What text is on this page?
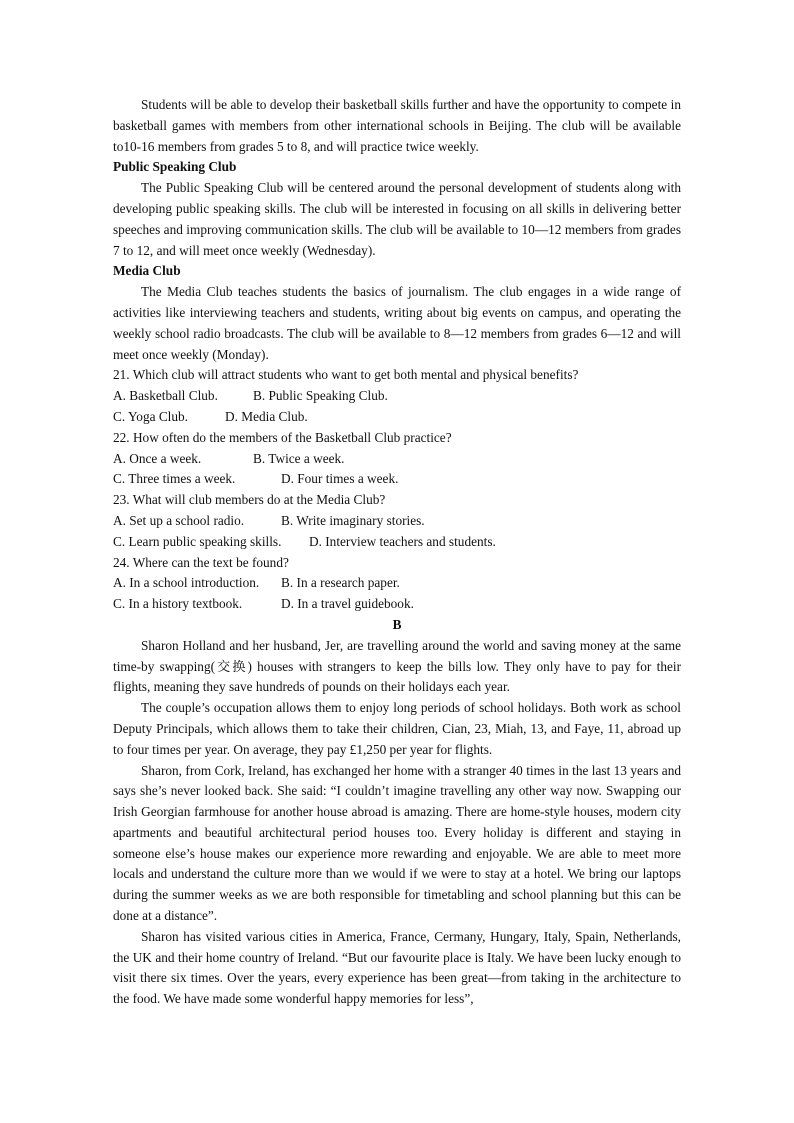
Students will be able to develop their basketball skills further and have the opportunity to compete in basketball games with members from other international schools in Beijing. The club will be available to10-16 members from grades 5 to 8, and will practice twice weekly.

Public Speaking Club

The Public Speaking Club will be centered around the personal development of students along with developing public speaking skills. The club will be interested in focusing on all skills in delivering better speeches and improving communication skills. The club will be available to 10—12 members from grades 7 to 12, and will meet once weekly (Wednesday).

Media Club

The Media Club teaches students the basics of journalism. The club engages in a wide range of activities like interviewing teachers and students, writing about big events on campus, and operating the weekly school radio broadcasts. The club will be available to 8—12 members from grades 6—12 and will meet once weekly (Monday).

21. Which club will attract students who want to get both mental and physical benefits?

A. Basketball Club.	B. Public Speaking Club.
C. Yoga Club.	D. Media Club.

22. How often do the members of the Basketball Club practice?

A. Once a week.	B. Twice a week.
C. Three times a week.	D. Four times a week.

23. What will club members do at the Media Club?

A. Set up a school radio.	B. Write imaginary stories.
C. Learn public speaking skills.	D. Interview teachers and students.

24. Where can the text be found?

A. In a school introduction.	B. In a research paper.
C. In a history textbook.	D. In a travel guidebook.

B

Sharon Holland and her husband, Jer, are travelling around the world and saving money at the same time-by swapping(交换) houses with strangers to keep the bills low. They only have to pay for their flights, meaning they save hundreds of pounds on their holidays each year.

The couple’s occupation allows them to enjoy long periods of school holidays. Both work as school Deputy Principals, which allows them to take their children, Cian, 23, Miah, 13, and Faye, 11, abroad up to four times per year. On average, they pay £1,250 per year for flights.

Sharon, from Cork, Ireland, has exchanged her home with a stranger 40 times in the last 13 years and says she’s never looked back. She said: “I couldn’t imagine travelling any other way now. Swapping our Irish Georgian farmhouse for another house abroad is amazing. There are home-style houses, modern city apartments and beautiful architectural period houses too. Every holiday is different and staying in someone else’s house makes our experience more rewarding and enjoyable. We are able to meet more locals and understand the culture more than we would if we were to stay at a hotel. We bring our laptops during the summer weeks as we are both responsible for timetabling and school planning but this can be done at a distance”.

Sharon has visited various cities in America, France, Cermany, Hungary, Italy, Spain, Netherlands, the UK and their home country of Ireland. “But our favourite place is Italy. We have been lucky enough to visit there six times. Over the years, every experience has been great—from taking in the architecture to the food. We have made some wonderful happy memories for less”,
